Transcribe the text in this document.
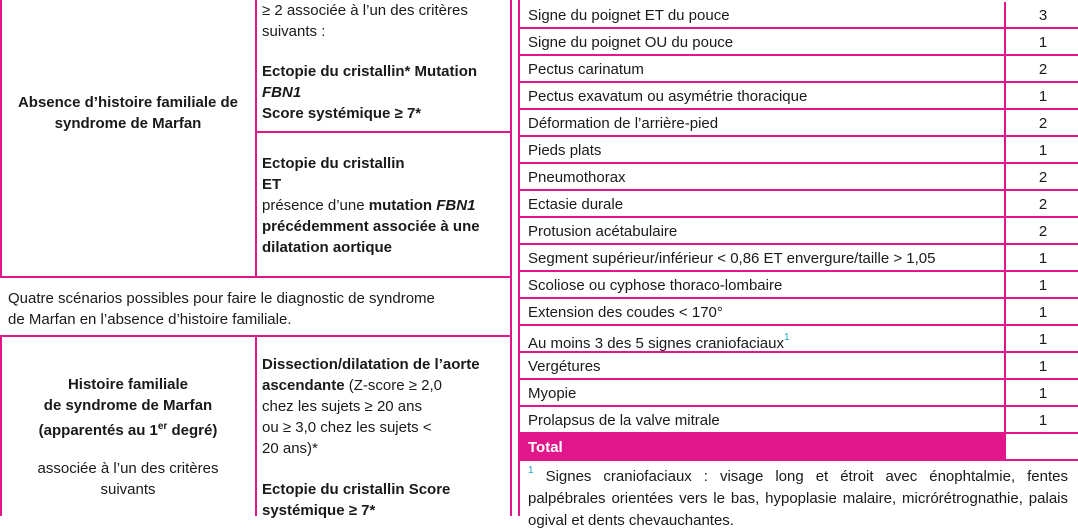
≥ 2 associée à l’un des critères
suivants :
Ectopie du cristallin* Mutation
FBN1
Score systémique ≥ 7*
Absence d’histoire familiale de
syndrome de Marfan
Ectopie du cristallin
ET
présence d’une mutation FBN1
précédemment associée à une
dilatation aortique
Quatre scénarios possibles pour faire le diagnostic de syndrome
de Marfan en l’absence d’histoire familiale.
Histoire familiale
de syndrome de Marfan
(apparentés au 1er degré)
associée à l’un des critères
suivants
Dissection/dilatation de l’aorte
ascendante (Z-score ≥ 2,0
chez les sujets ≥ 20 ans
ou ≥ 3,0 chez les sujets <
20 ans)*
Ectopie du cristallin Score
systémique ≥ 7*
Signe du poignet ET du pouce	3
Signe du poignet OU du pouce	1
Pectus carinatum	2
Pectus exavatum ou asymétrie thoracique	1
Déformation de l’arrière-pied	2
Pieds plats	1
Pneumothorax	2
Ectasie durale	2
Protusion acétabulaire	2
Segment supérieur/inférieur < 0,86 ET envergure/taille > 1,05	1
Scoliose ou cyphose thoraco-lombaire	1
Extension des coudes < 170°	1
Au moins 3 des 5 signes craniofaciaux$^1$	1
Vergétures	1
Myopie	1
Prolapsus de la valve mitrale	1
Total
$^1$ Signes craniofaciaux : visage long et étroit avec énophtalmie, fentes palpébrales orientées vers le bas, hypoplasie malaire, micrórétrognathie, palais ogival et dents chevauchantes.
